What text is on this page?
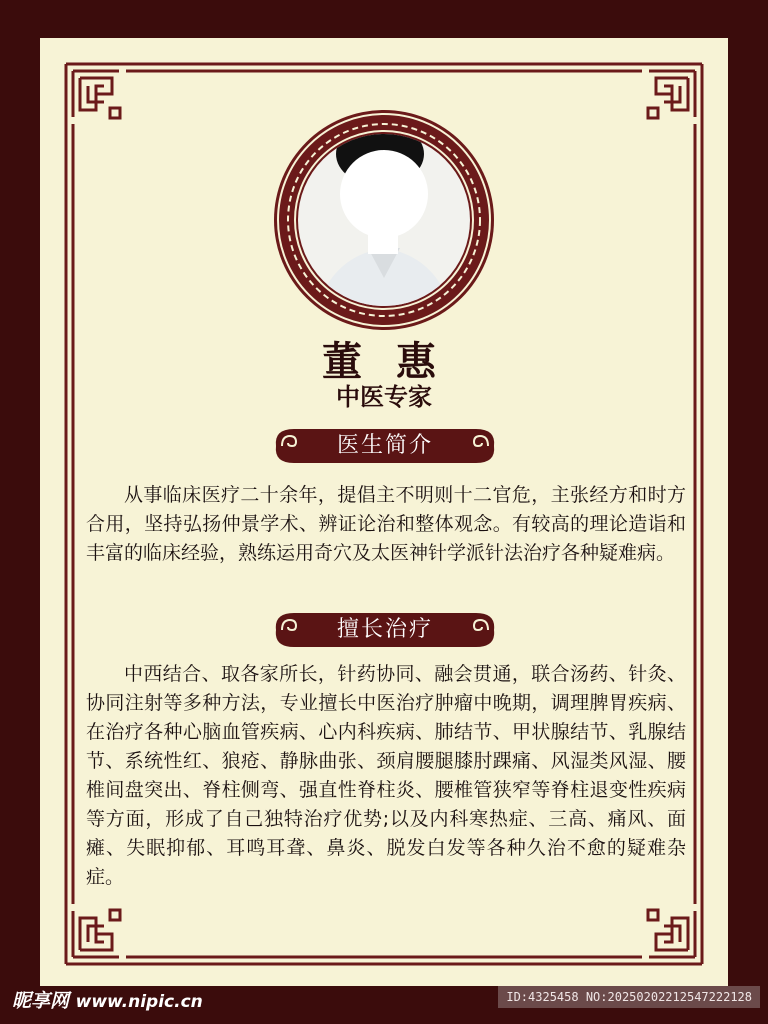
董 惠
中医专家
医生简介

从事临床医疗二十余年，提倡主不明则十二官危，主张经方和时方合用，坚持弘扬仲景学术、辨证论治和整体观念。有较高的理论造诣和丰富的临床经验，熟练运用奇穴及太医神针学派针法治疗各种疑难病。

擅长治疗

中西结合、取各家所长，针药协同、融会贯通，联合汤药、针灸、协同注射等多种方法，专业擅长中医治疗肿瘤中晚期，调理脾胃疾病、在治疗各种心脑血管疾病、心内科疾病、肺结节、甲状腺结节、乳腺结节、系统性红、狼疮、静脉曲张、颈肩腰腿膝肘踝痛、风湿类风湿、腰椎间盘突出、脊柱侧弯、强直性脊柱炎、腰椎管狭窄等脊柱退变性疾病等方面，形成了自己独特治疗优势;以及内科寒热症、三高、痛风、面瘫、失眠抑郁、耳鸣耳聋、鼻炎、脱发白发等各种久治不愈的疑难杂症。

昵享网 www.nipic.cn	ID:4325458 NO:20250202212547222128
